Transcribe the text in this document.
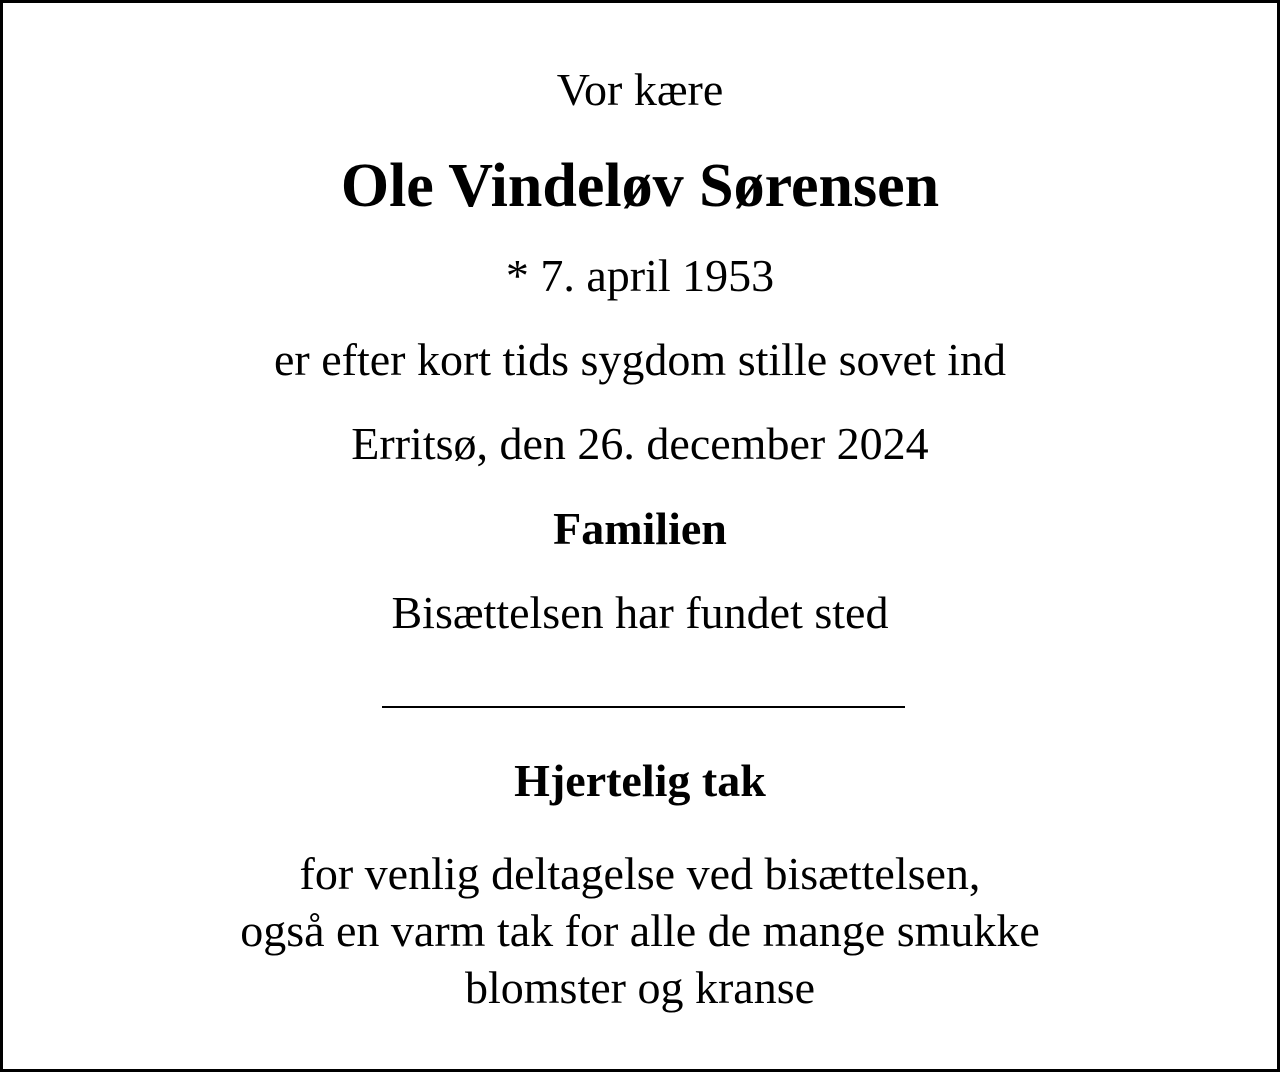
Vor kære
Ole Vindeløv Sørensen
* 7. april 1953
er efter kort tids sygdom stille sovet ind
Erritsø, den 26. december 2024
Familien
Bisættelsen har fundet sted
Hjertelig tak
for venlig deltagelse ved bisættelsen,
også en varm tak for alle de mange smukke
blomster og kranse
